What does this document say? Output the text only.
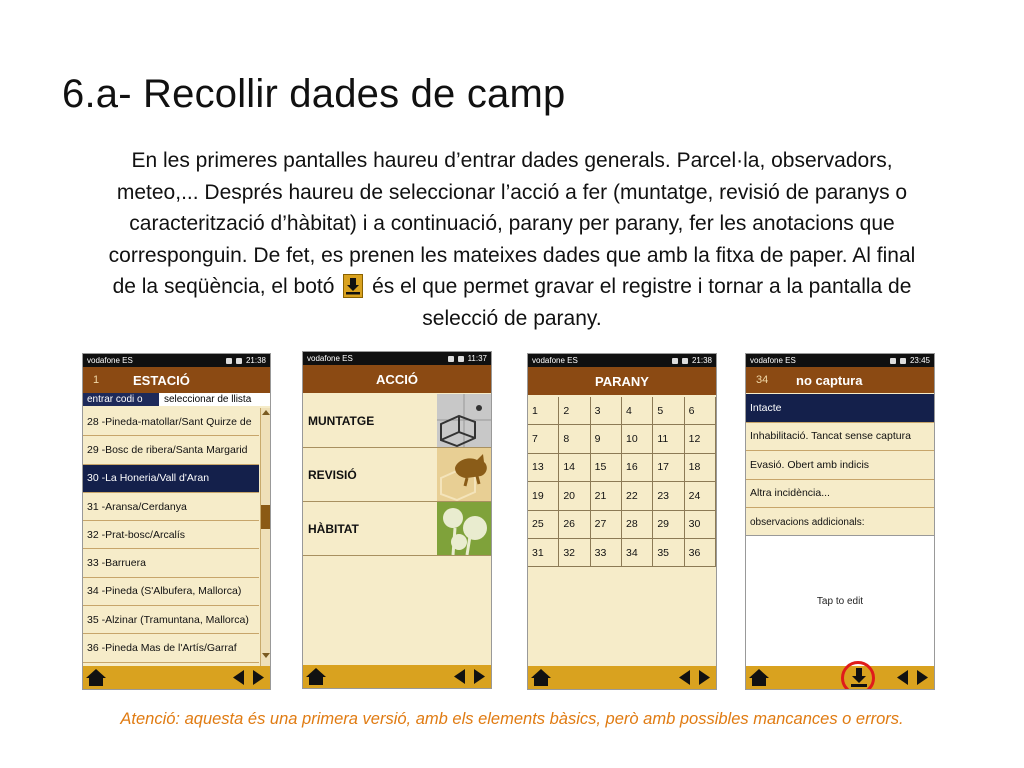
6.a- Recollir dades de camp
En les primeres pantalles haureu d’entrar dades generals. Parcel·la, observadors, meteo,... Després haureu de seleccionar l’acció a fer (muntatge, revisió de paranys o caracterització d’hàbitat) i a continuació, parany per parany, fer les anotacions que corresponguin. De fet, es prenen les mateixes dades que amb la fitxa de paper. Al final de la seqüència, el botó és el que permet gravar el registre i tornar a la pantalla de selecció de parany.
vodafone ES	21:38
1	ESTACIÓ
entrar codi o	seleccionar de llista
28 -Pineda-matollar/Sant Quirze de
29 -Bosc de ribera/Santa Margarid
30 -La Honeria/Vall d'Aran
31 -Aransa/Cerdanya
32 -Prat-bosc/Arcalís
33 -Barruera
34 -Pineda (S'Albufera, Mallorca)
35 -Alzinar (Tramuntana, Mallorca)
36 -Pineda Mas de l'Artís/Garraf
vodafone ES	11:37
ACCIÓ
MUNTATGE
REVISIÓ
HÀBITAT
vodafone ES	21:38
PARANY
1	2	3	4	5	6
7	8	9	10	11	12
13	14	15	16	17	18
19	20	21	22	23	24
25	26	27	28	29	30
31	32	33	34	35	36
vodafone ES	23:45
34	no captura
Intacte
Inhabilitació. Tancat sense captura
Evasió. Obert amb indicis
Altra incidència...
observacions addicionals:
Tap to edit
Atenció: aquesta és una primera versió, amb els elements bàsics, però amb possibles mancances o errors.
